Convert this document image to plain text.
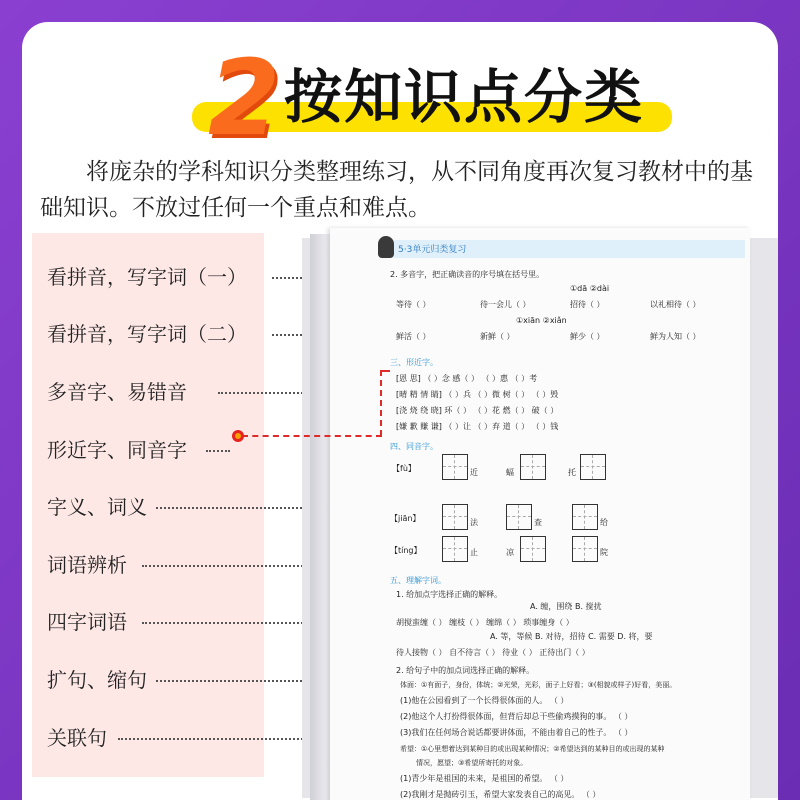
2 按知识点分类
将庞杂的学科知识分类整理练习，从不同角度再次复习教材中的基础知识。不放过任何一个重点和难点。
看拼音，写字词（一）
看拼音，写字词（二）
多音字、易错音
形近字、同音字
字义、词义
词语辨析
四字词语
扩句、缩句
关联句
5·3单元归类复习
2. 多音字，把正确读音的序号填在括号里。
①dā ②dài
等待（ ）	待一会儿（ ）	招待（ ）	以礼相待（ ）
①xiān ②xiǎn
鲜活（ ）	新鲜（ ）	鲜少（ ）	鲜为人知（ ）
三、形近字。
[恩 思] （ ）念 感（ ） （ ）惠 （ ）考
[晴 精 情 睛] （ ）兵 （ ）微 树（ ） （ ）毁
[浇 烧 绕 晓] 环（ ） （ ）花 燃（ ） 破（ ）
[嫌 歉 赚 谦] （ ）让 （ ）弃 道（ ） （ ）钱
四、同音字。
【fù】	近	蝠	托
【jiān】	法	查	给
【tíng】	止	凉	院
五、理解字词。
1. 给加点字选择正确的解释。
A. 缠，围绕 B. 搅扰
胡搅蛮缠（ ） 缠枝（ ） 缠绵（ ） 琐事缠身（ ）
A. 等，等候 B. 对待，招待 C. 需要 D. 将，要
待人接物（ ） 自不待言（ ） 待业（ ） 正待出门（ ）
2. 给句子中的加点词选择正确的解释。
体面：①有面子，身份，体统；②光荣，光彩，面子上好看；③(相貌或样子)好看，美丽。
(1)他在公园看到了一个长得很体面的人。 （ ）
(2)他这个人打扮得很体面，但背后却总干些偷鸡摸狗的事。 （ ）
(3)我们在任何场合说话都要讲体面，不能由着自己的性子。 （ ）
希望：①心里想着达到某种目的或出现某种情况；②希望达到的某种目的或出现的某种
情况，愿望；③希望所寄托的对象。
(1)青少年是祖国的未来，是祖国的希望。 （ ）
(2)我刚才是抛砖引玉，希望大家发表自己的高见。 （ ）
